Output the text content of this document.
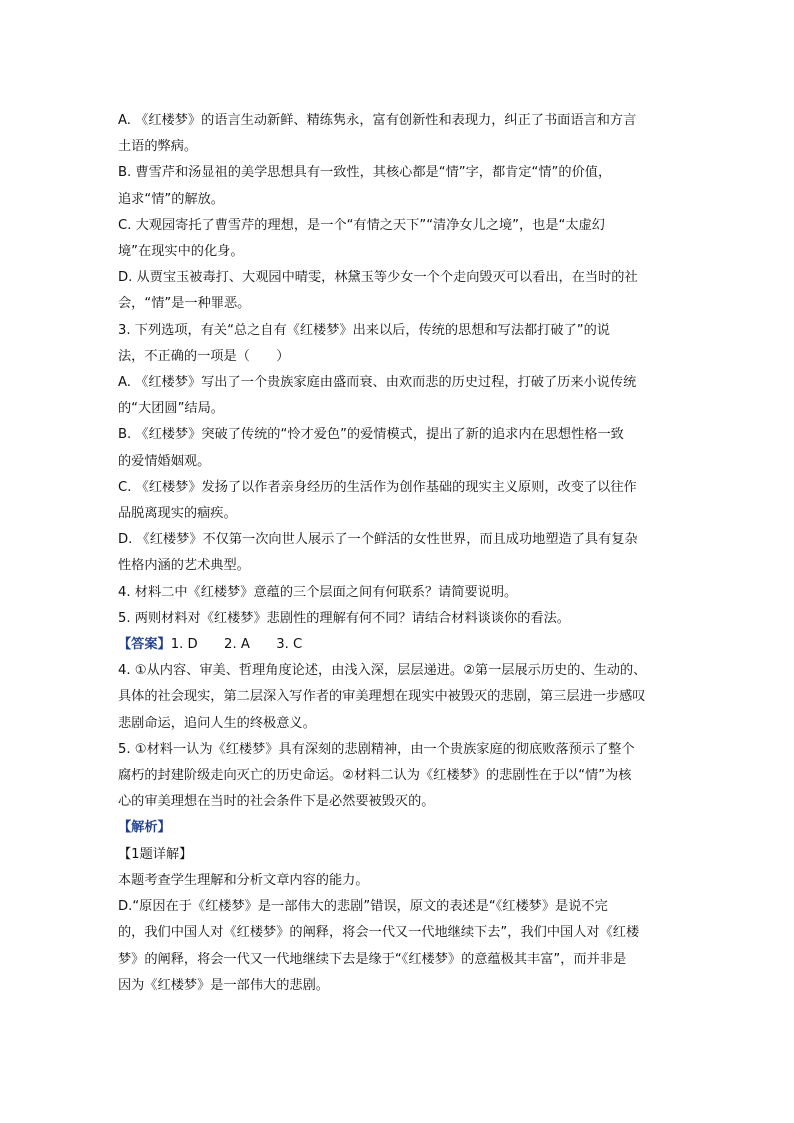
A. 《红楼梦》的语言生动新鲜、精练隽永，富有创新性和表现力，纠正了书面语言和方言
土语的弊病。
B. 曹雪芹和汤显祖的美学思想具有一致性，其核心都是“情”字，都肯定“情”的价值，
追求“情”的解放。
C. 大观园寄托了曹雪芹的理想，是一个“有情之天下”“清净女儿之境”，也是“太虚幻
境”在现实中的化身。
D. 从贾宝玉被毒打、大观园中晴雯，林黛玉等少女一个个走向毁灭可以看出，在当时的社
会，“情”是一种罪恶。
3. 下列选项，有关“总之自有《红楼梦》出来以后，传统的思想和写法都打破了”的说
法，不正确的一项是（　　）
A. 《红楼梦》写出了一个贵族家庭由盛而衰、由欢而悲的历史过程，打破了历来小说传统
的“大团圆”结局。
B. 《红楼梦》突破了传统的“怜才爱色”的爱情模式，提出了新的追求内在思想性格一致
的爱情婚姻观。
C. 《红楼梦》发扬了以作者亲身经历的生活作为创作基础的现实主义原则，改变了以往作
品脱离现实的痼疾。
D. 《红楼梦》不仅第一次向世人展示了一个鲜活的女性世界，而且成功地塑造了具有复杂
性格内涵的艺术典型。
4. 材料二中《红楼梦》意蕴的三个层面之间有何联系？请简要说明。
5. 两则材料对《红楼梦》悲剧性的理解有何不同？请结合材料谈谈你的看法。
【答案】1. D　　2. A　　3. C
4. ①从内容、审美、哲理角度论述，由浅入深，层层递进。②第一层展示历史的、生动的、
具体的社会现实，第二层深入写作者的审美理想在现实中被毁灭的悲剧，第三层进一步感叹
悲剧命运，追问人生的终极意义。
5. ①材料一认为《红楼梦》具有深刻的悲剧精神，由一个贵族家庭的彻底败落预示了整个
腐朽的封建阶级走向灭亡的历史命运。②材料二认为《红楼梦》的悲剧性在于以“情”为核
心的审美理想在当时的社会条件下是必然要被毁灭的。
【解析】
【1题详解】
本题考查学生理解和分析文章内容的能力。
D.“原因在于《红楼梦》是一部伟大的悲剧”错误，原文的表述是“《红楼梦》是说不完
的，我们中国人对《红楼梦》的阐释，将会一代又一代地继续下去”，我们中国人对《红楼
梦》的阐释，将会一代又一代地继续下去是缘于“《红楼梦》的意蕴极其丰富”，而并非是
因为《红楼梦》是一部伟大的悲剧。
